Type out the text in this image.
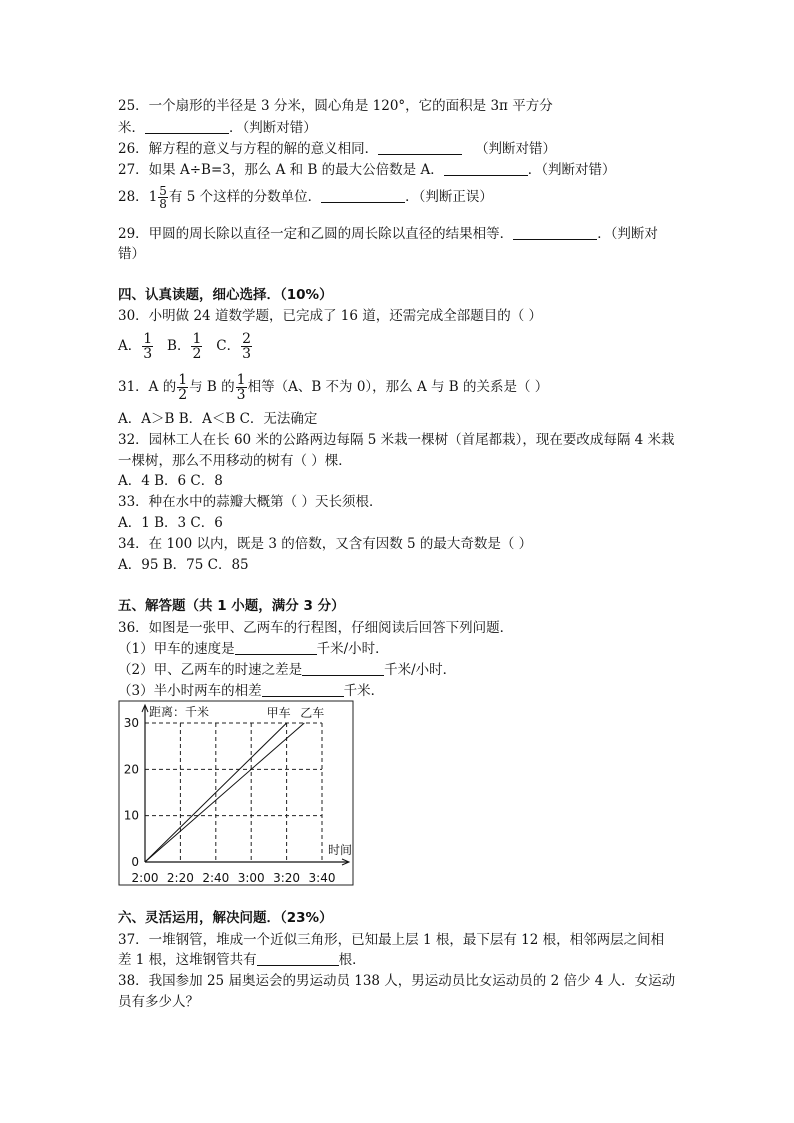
25．一个扇形的半径是 3 分米，圆心角是 120°，它的面积是 3π 平方分
米．	．（判断对错）
26．解方程的意义与方程的解的意义相同．	（判断对错）
27．如果 A÷B=3，那么 A 和 B 的最大公倍数是 A．	．（判断对错）
28． $1 \frac{5}{8}$ 有 5 个这样的分数单位．	．（判断正误）
29．甲圆的周长除以直径一定和乙圆的周长除以直径的结果相等．	．（判断对
错）
四、认真读题，细心选择．（10%）
30．小明做 24 道数学题，已完成了 16 道，还需完成全部题目的（ ）
A． $\frac{1}{3}$ B． $\frac{1}{2}$ C． $\frac{2}{3}$
31．A 的 $\frac{1}{2}$ 与 B 的 $\frac{1}{3}$ 相等（A、B 不为 0），那么 A 与 B 的关系是（ ）
A．A＞B B．A＜B C．无法确定
32．园林工人在长 60 米的公路两边每隔 5 米栽一棵树（首尾都栽），现在要改成每隔 4 米栽
一棵树，那么不用移动的树有（ ）棵．
A．4 B．6 C．8
33．种在水中的蒜瓣大概第（ ）天长须根．
A．1 B．3 C．6
34．在 100 以内，既是 3 的倍数，又含有因数 5 的最大奇数是（ ）
A．95 B．75 C．85
五、解答题（共 1 小题，满分 3 分）
36．如图是一张甲、乙两车的行程图，仔细阅读后回答下列问题．
（1）甲车的速度是	千米/小时．
（2）甲、乙两车的时速之差是	千米/小时．
（3）半小时两车的相差	千米．
0
10
20
30
2:00 2:20 2:40 3:00 3:20 3:40
距离：千米
时间
甲车 乙车
六、灵活运用，解决问题．（23%）
37．一堆钢管，堆成一个近似三角形，已知最上层 1 根，最下层有 12 根，相邻两层之间相
差 1 根，这堆钢管共有	根．
38．我国参加 25 届奥运会的男运动员 138 人，男运动员比女运动员的 2 倍少 4 人．女运动
员有多少人？
